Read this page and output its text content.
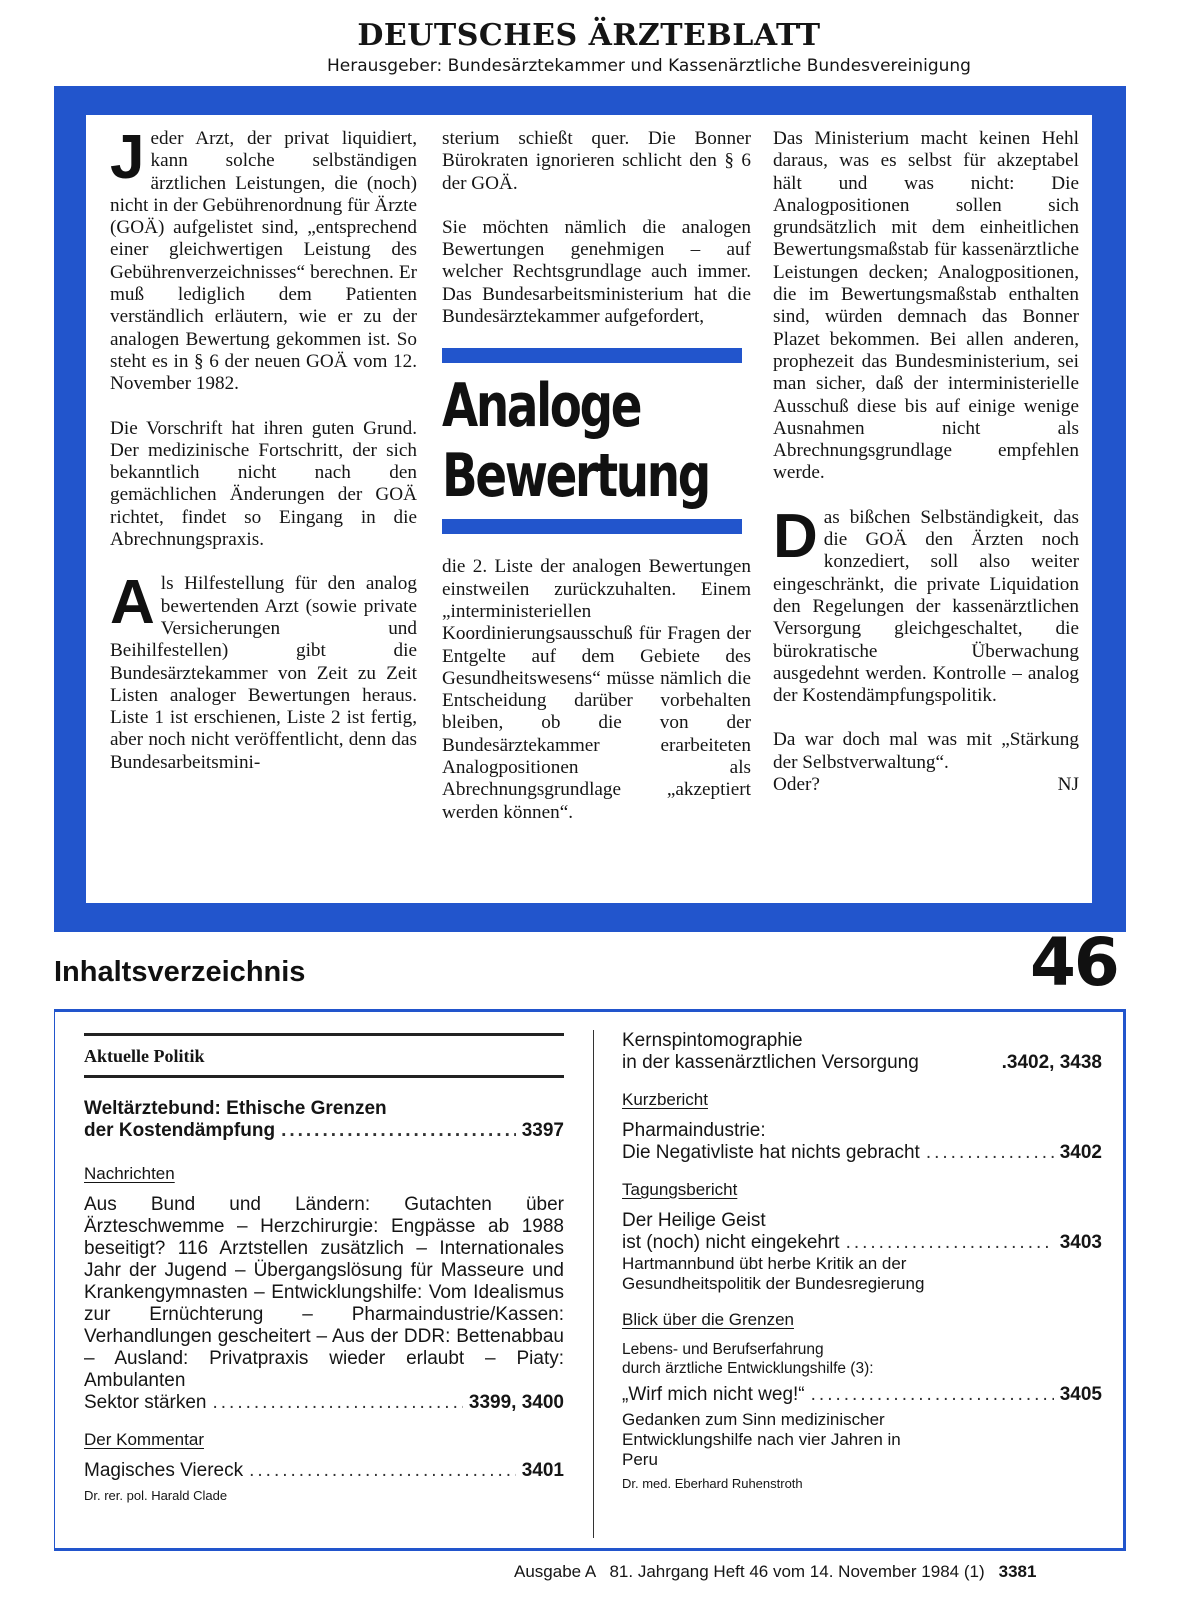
DEUTSCHES ÄRZTEBLATT
Herausgeber: Bundesärztekammer und Kassenärztliche Bundesvereinigung

Jeder Arzt, der privat liquidiert, kann solche selbständigen ärztlichen Leistungen, die (noch) nicht in der Gebührenordnung für Ärzte (GOÄ) aufgelistet sind, „entsprechend einer gleichwertigen Leistung des Gebührenverzeichnisses“ berechnen. Er muß lediglich dem Patienten verständlich erläutern, wie er zu der analogen Bewertung gekommen ist. So steht es in § 6 der neuen GOÄ vom 12. November 1982.

Die Vorschrift hat ihren guten Grund. Der medizinische Fortschritt, der sich bekanntlich nicht nach den gemächlichen Änderungen der GOÄ richtet, findet so Eingang in die Abrechnungspraxis.

Als Hilfestellung für den analog bewertenden Arzt (sowie private Versicherungen und Beihilfestellen) gibt die Bundesärztekammer von Zeit zu Zeit Listen analoger Bewertungen heraus. Liste 1 ist erschienen, Liste 2 ist fertig, aber noch nicht veröffentlicht, denn das Bundesarbeitsmini-

sterium schießt quer. Die Bonner Bürokraten ignorieren schlicht den § 6 der GOÄ.

Sie möchten nämlich die analogen Bewertungen genehmigen – auf welcher Rechtsgrundlage auch immer. Das Bundesarbeitsministerium hat die Bundesärztekammer aufgefordert,

Analoge
Bewertung

die 2. Liste der analogen Bewertungen einstweilen zurückzuhalten. Einem „interministeriellen Koordinierungsausschuß für Fragen der Entgelte auf dem Gebiete des Gesundheitswesens“ müsse nämlich die Entscheidung darüber vorbehalten bleiben, ob die von der Bundesärztekammer erarbeiteten Analogpositionen als Abrechnungsgrundlage „akzeptiert werden können“.

Das Ministerium macht keinen Hehl daraus, was es selbst für akzeptabel hält und was nicht: Die Analogpositionen sollen sich grundsätzlich mit dem einheitlichen Bewertungsmaßstab für kassenärztliche Leistungen decken; Analogpositionen, die im Bewertungsmaßstab enthalten sind, würden demnach das Bonner Plazet bekommen. Bei allen anderen, prophezeit das Bundesministerium, sei man sicher, daß der interministerielle Ausschuß diese bis auf einige wenige Ausnahmen nicht als Abrechnungsgrundlage empfehlen werde.

Das bißchen Selbständigkeit, das die GOÄ den Ärzten noch konzediert, soll also weiter eingeschränkt, die private Liquidation den Regelungen der kassenärztlichen Versorgung gleichgeschaltet, die bürokratische Überwachung ausgedehnt werden. Kontrolle – analog der Kostendämpfungspolitik.

Da war doch mal was mit „Stärkung der Selbstverwaltung“.

Oder?	NJ
Inhaltsverzeichnis	46
Aktuelle Politik
Weltärztebund: Ethische Grenzen
der Kostendämpfung .....	3397
Nachrichten
Aus Bund und Ländern: Gutachten über Ärzteschwemme – Herzchirurgie: Engpässe ab 1988 beseitigt? 116 Arztstellen zusätzlich – Internationales Jahr der Jugend – Übergangslösung für Masseure und Krankengymnasten – Entwicklungshilfe: Vom Idealismus zur Ernüchterung – Pharmaindustrie/Kassen: Verhandlungen gescheitert – Aus der DDR: Bettenabbau – Ausland: Privatpraxis wieder erlaubt – Piaty: Ambulanten
Sektor stärken .....	3399, 3400
Der Kommentar
Magisches Viereck .....	3401
Dr. rer. pol. Harald Clade
Kernspintomographie
in der kassenärztlichen Versorgung	.3402, 3438
Kurzbericht
Pharmaindustrie:
Die Negativliste hat nichts gebracht .....	3402
Tagungsbericht
Der Heilige Geist
ist (noch) nicht eingekehrt .....	3403
Hartmannbund übt herbe Kritik an der Gesundheitspolitik der Bundesregierung
Blick über die Grenzen
Lebens- und Berufserfahrung
durch ärztliche Entwicklungshilfe (3):
„Wirf mich nicht weg!“ .....	3405
Gedanken zum Sinn medizinischer Entwicklungshilfe nach vier Jahren in Peru
Dr. med. Eberhard Ruhenstroth
Ausgabe A   81. Jahrgang Heft 46 vom 14. November 1984 (1) 3381
